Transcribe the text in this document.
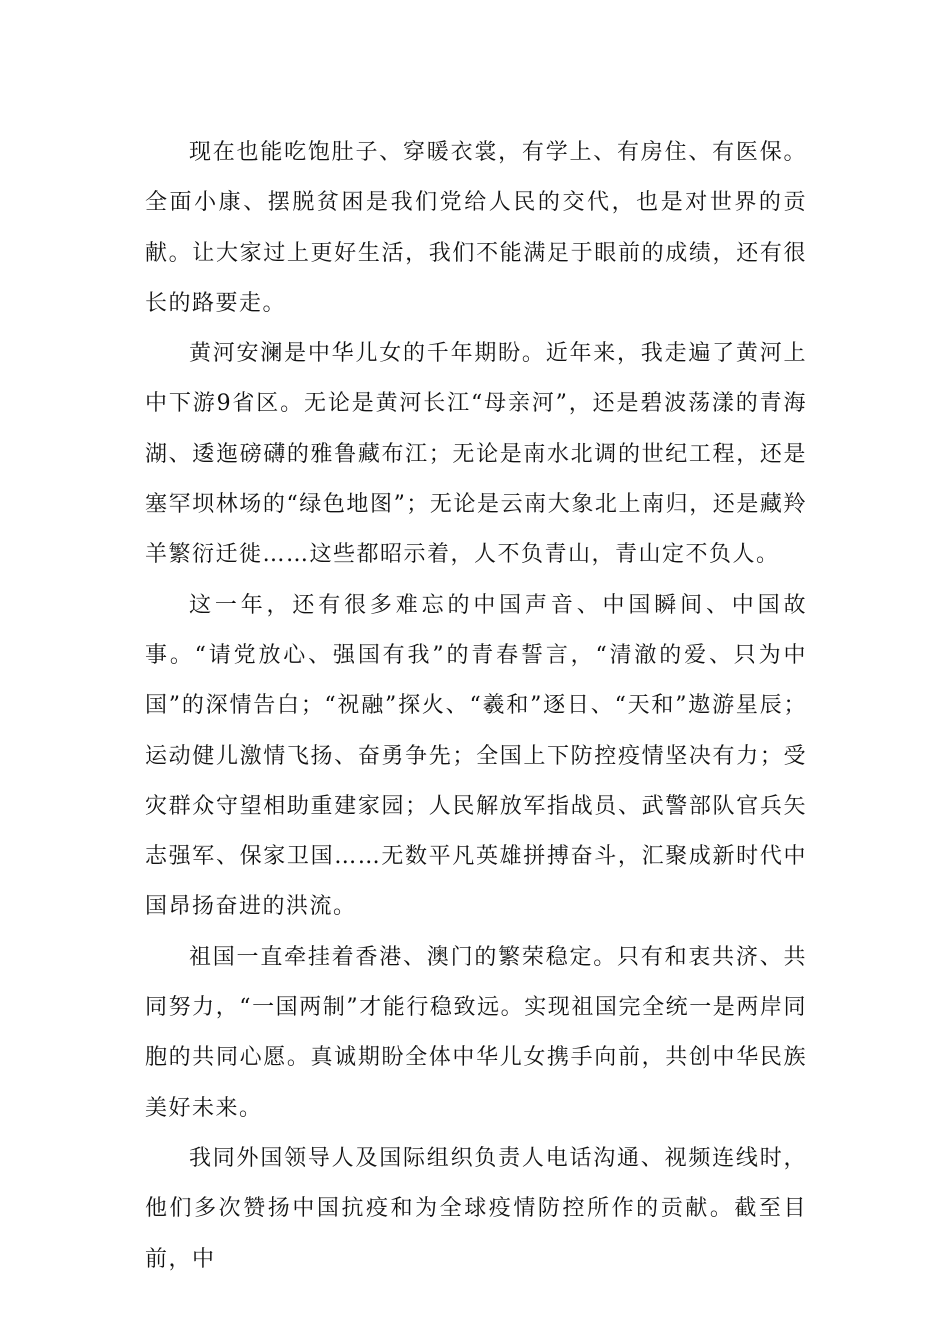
现在也能吃饱肚子、穿暖衣裳，有学上、有房住、有医保。全面小康、摆脱贫困是我们党给人民的交代，也是对世界的贡献。让大家过上更好生活，我们不能满足于眼前的成绩，还有很长的路要走。

黄河安澜是中华儿女的千年期盼。近年来，我走遍了黄河上中下游9省区。无论是黄河长江“母亲河”，还是碧波荡漾的青海湖、逶迤磅礴的雅鲁藏布江；无论是南水北调的世纪工程，还是塞罕坝林场的“绿色地图”；无论是云南大象北上南归，还是藏羚羊繁衍迁徙……这些都昭示着，人不负青山，青山定不负人。

这一年，还有很多难忘的中国声音、中国瞬间、中国故事。“请党放心、强国有我”的青春誓言，“清澈的爱、只为中国”的深情告白；“祝融”探火、“羲和”逐日、“天和”遨游星辰；运动健儿激情飞扬、奋勇争先；全国上下防控疫情坚决有力；受灾群众守望相助重建家园；人民解放军指战员、武警部队官兵矢志强军、保家卫国……无数平凡英雄拼搏奋斗，汇聚成新时代中国昂扬奋进的洪流。

祖国一直牵挂着香港、澳门的繁荣稳定。只有和衷共济、共同努力，“一国两制”才能行稳致远。实现祖国完全统一是两岸同胞的共同心愿。真诚期盼全体中华儿女携手向前，共创中华民族美好未来。

我同外国领导人及国际组织负责人电话沟通、视频连线时，他们多次赞扬中国抗疫和为全球疫情防控所作的贡献。截至目前，中
